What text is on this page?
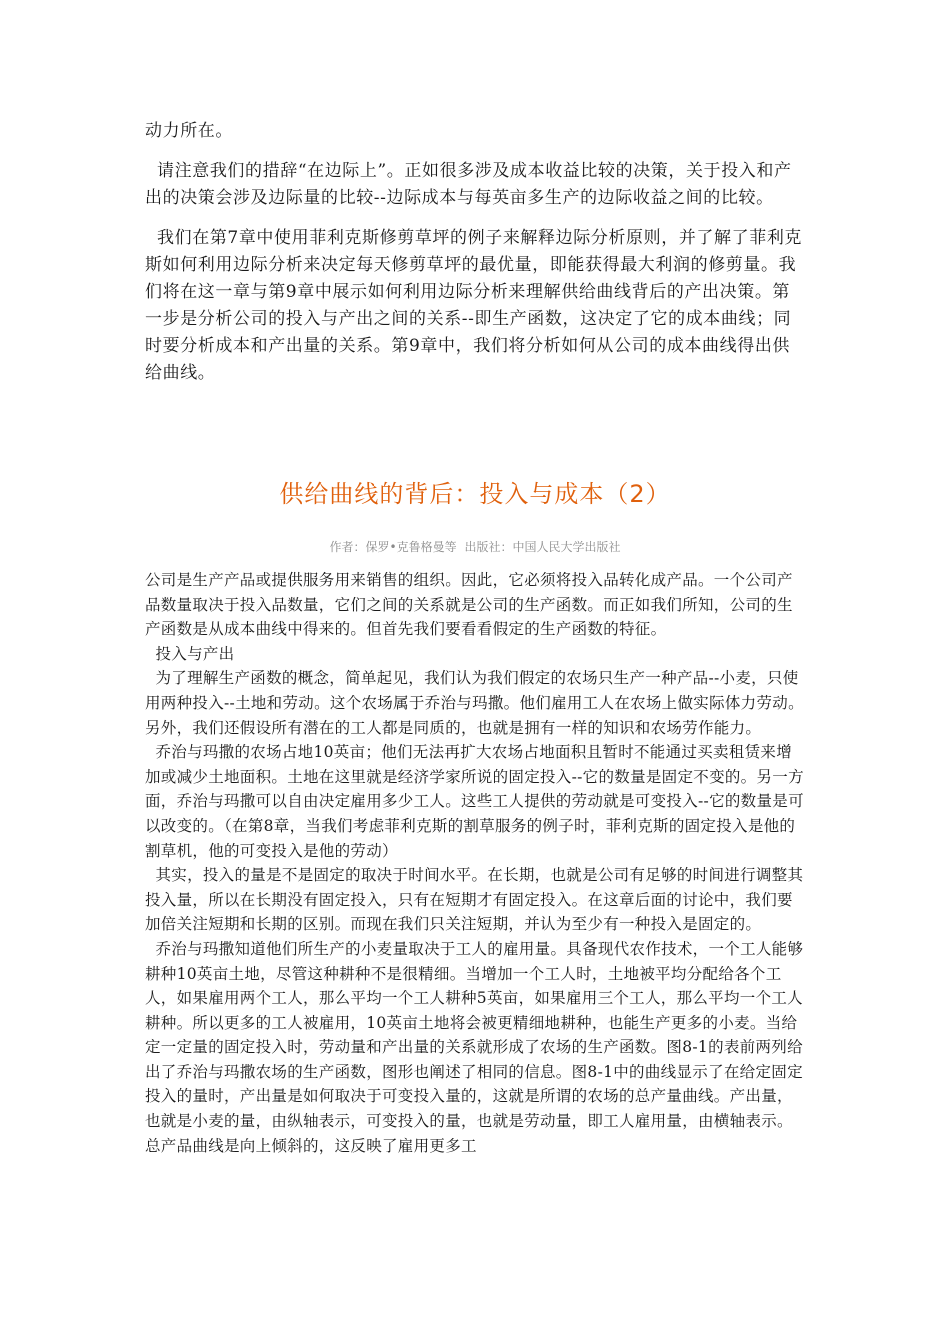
动力所在。

请注意我们的措辞“在边际上”。正如很多涉及成本收益比较的决策，关于投入和产出的决策会涉及边际量的比较--边际成本与每英亩多生产的边际收益之间的比较。

我们在第7章中使用菲利克斯修剪草坪的例子来解释边际分析原则，并了解了菲利克斯如何利用边际分析来决定每天修剪草坪的最优量，即能获得最大利润的修剪量。我们将在这一章与第9章中展示如何利用边际分析来理解供给曲线背后的产出决策。第一步是分析公司的投入与产出之间的关系--即生产函数，这决定了它的成本曲线；同时要分析成本和产出量的关系。第9章中，我们将分析如何从公司的成本曲线得出供给曲线。

供给曲线的背后：投入与成本（2）
作者：保罗•克鲁格曼等 出版社：中国人民大学出版社

公司是生产产品或提供服务用来销售的组织。因此，它必须将投入品转化成产品。一个公司产品数量取决于投入品数量，它们之间的关系就是公司的生产函数。而正如我们所知，公司的生产函数是从成本曲线中得来的。但首先我们要看看假定的生产函数的特征。

投入与产出

为了理解生产函数的概念，简单起见，我们认为我们假定的农场只生产一种产品--小麦，只使用两种投入--土地和劳动。这个农场属于乔治与玛撒。他们雇用工人在农场上做实际体力劳动。另外，我们还假设所有潜在的工人都是同质的，也就是拥有一样的知识和农场劳作能力。

乔治与玛撒的农场占地10英亩；他们无法再扩大农场占地面积且暂时不能通过买卖租赁来增加或减少土地面积。土地在这里就是经济学家所说的固定投入--它的数量是固定不变的。另一方面，乔治与玛撒可以自由决定雇用多少工人。这些工人提供的劳动就是可变投入--它的数量是可以改变的。（在第8章，当我们考虑菲利克斯的割草服务的例子时，菲利克斯的固定投入是他的割草机，他的可变投入是他的劳动）

其实，投入的量是不是固定的取决于时间水平。在长期，也就是公司有足够的时间进行调整其投入量，所以在长期没有固定投入，只有在短期才有固定投入。在这章后面的讨论中，我们要加倍关注短期和长期的区别。而现在我们只关注短期，并认为至少有一种投入是固定的。

乔治与玛撒知道他们所生产的小麦量取决于工人的雇用量。具备现代农作技术，一个工人能够耕种10英亩土地，尽管这种耕种不是很精细。当增加一个工人时，土地被平均分配给各个工人，如果雇用两个工人，那么平均一个工人耕种5英亩，如果雇用三个工人，那么平均一个工人耕种。所以更多的工人被雇用，10英亩土地将会被更精细地耕种，也能生产更多的小麦。当给定一定量的固定投入时，劳动量和产出量的关系就形成了农场的生产函数。图8-1的表前两列给出了乔治与玛撒农场的生产函数，图形也阐述了相同的信息。图8-1中的曲线显示了在给定固定投入的量时，产出量是如何取决于可变投入量的，这就是所谓的农场的总产量曲线。产出量，也就是小麦的量，由纵轴表示，可变投入的量，也就是劳动量，即工人雇用量，由横轴表示。总产品曲线是向上倾斜的，这反映了雇用更多工
